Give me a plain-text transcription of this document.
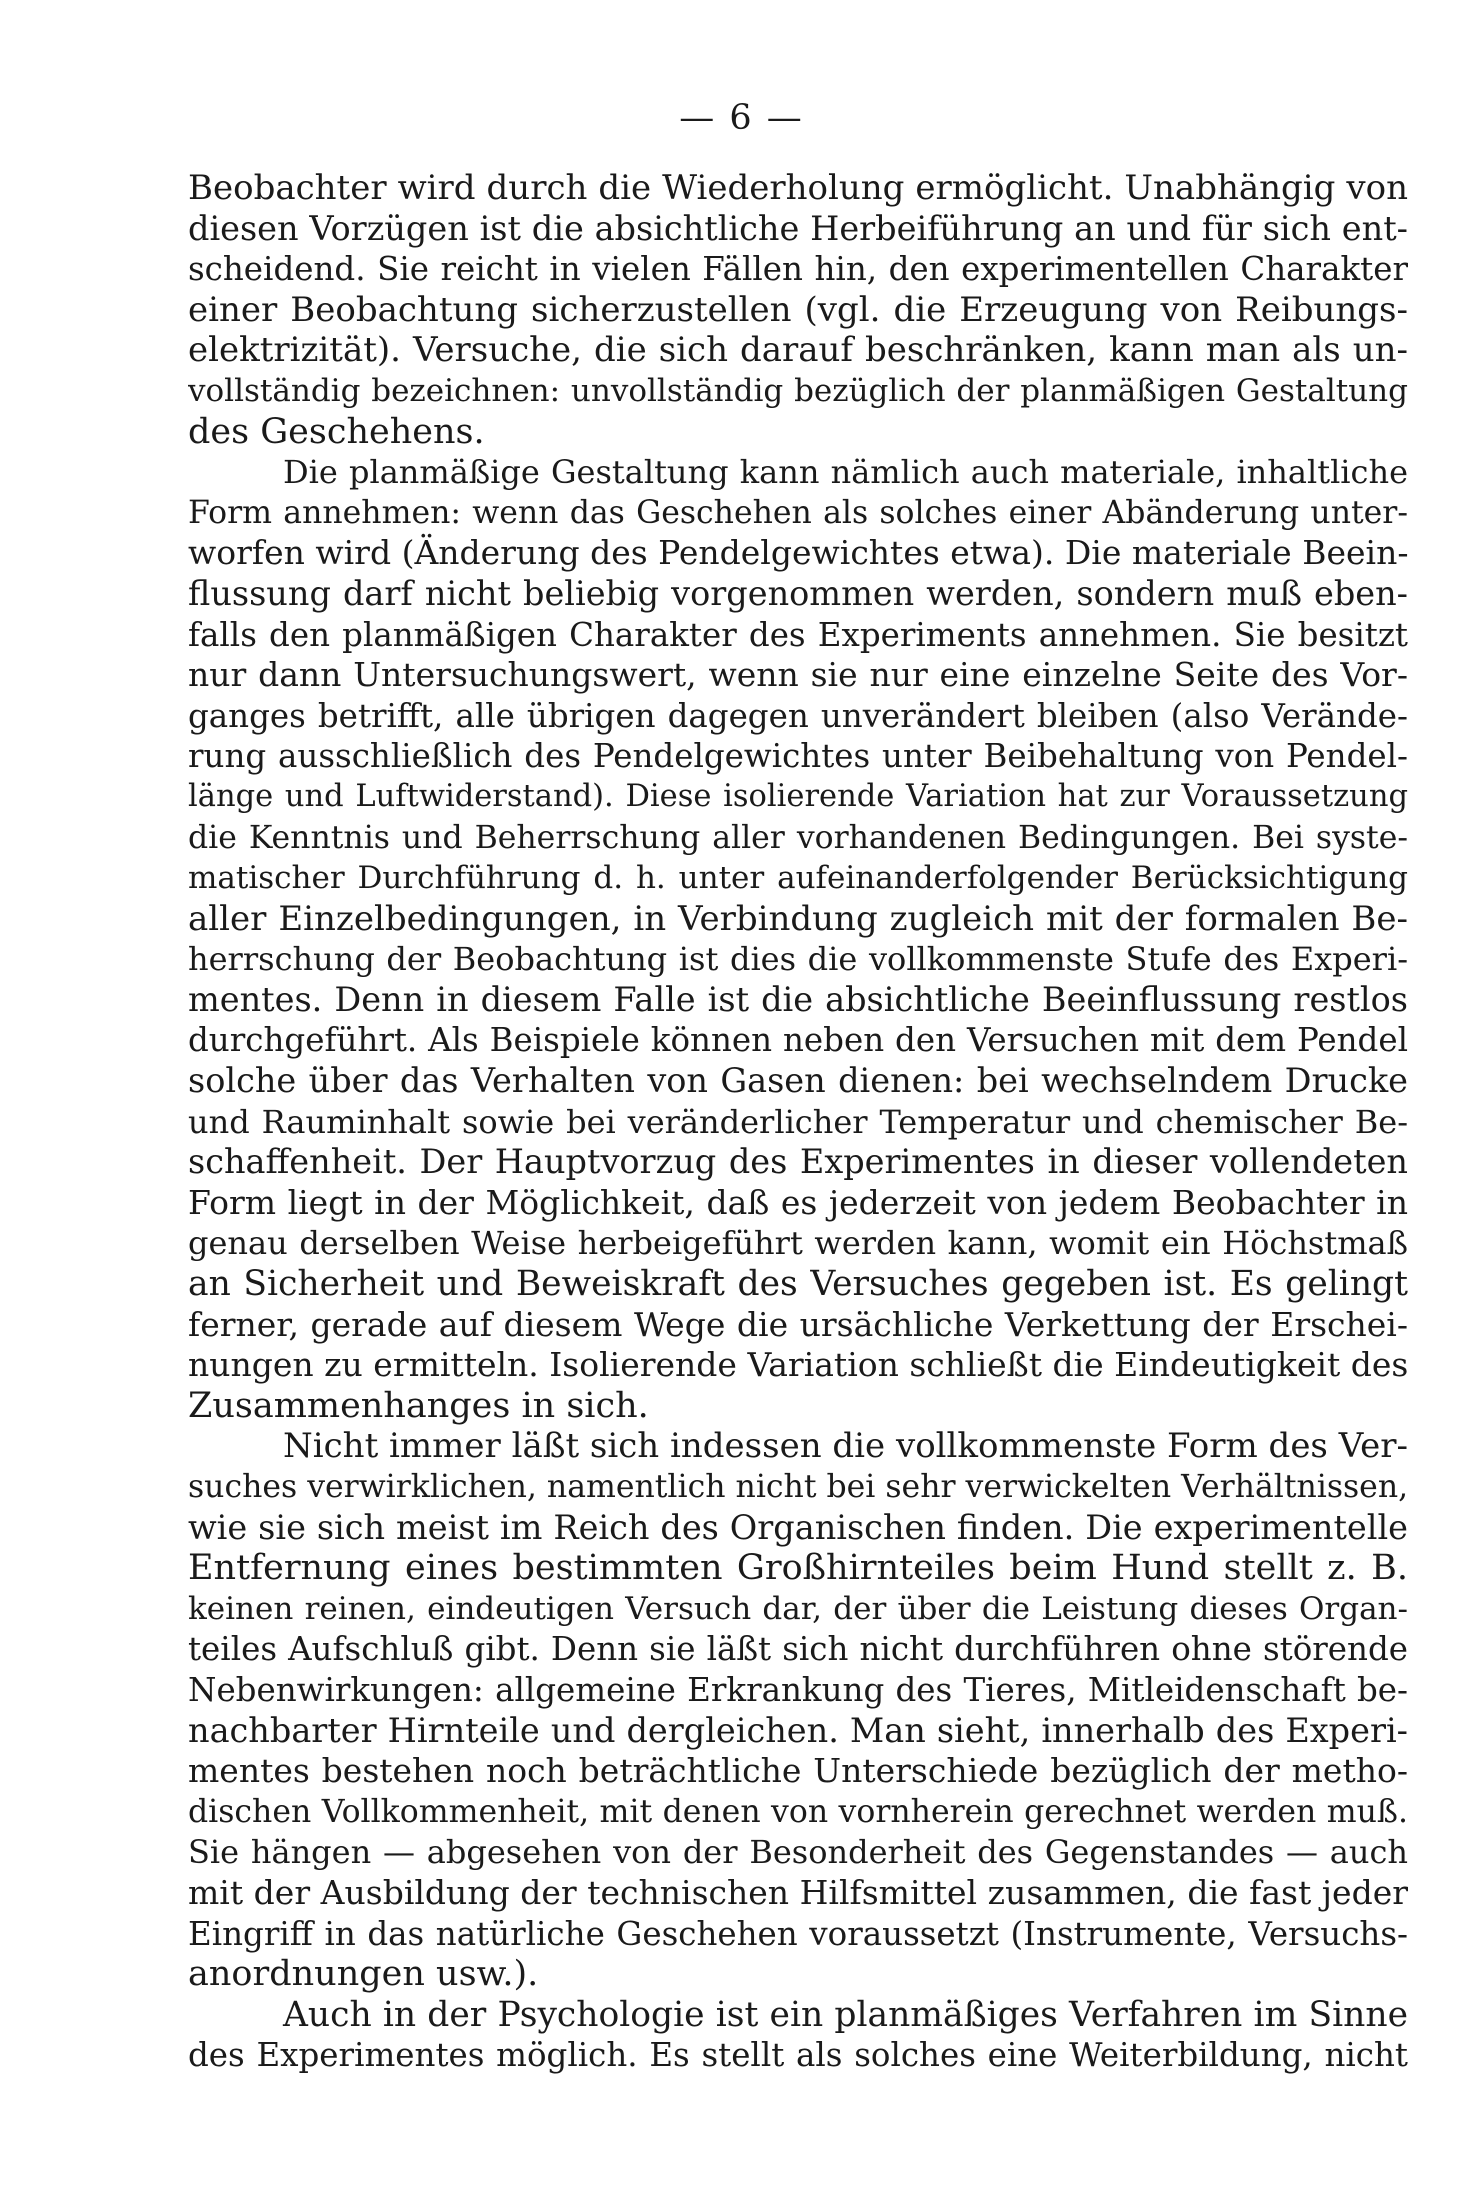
— 6 —
Beobachter wird durch die Wiederholung ermöglicht. Unabhängig von
diesen Vorzügen ist die absichtliche Herbeiführung an und für sich ent-
scheidend. Sie reicht in vielen Fällen hin, den experimentellen Charakter
einer Beobachtung sicherzustellen (vgl. die Erzeugung von Reibungs-
elektrizität). Versuche, die sich darauf beschränken, kann man als un-
vollständig bezeichnen: unvollständig bezüglich der planmäßigen Gestaltung
des Geschehens.
Die planmäßige Gestaltung kann nämlich auch materiale, inhaltliche
Form annehmen: wenn das Geschehen als solches einer Abänderung unter-
worfen wird (Änderung des Pendelgewichtes etwa). Die materiale Beein-
flussung darf nicht beliebig vorgenommen werden, sondern muß eben-
falls den planmäßigen Charakter des Experiments annehmen. Sie besitzt
nur dann Untersuchungswert, wenn sie nur eine einzelne Seite des Vor-
ganges betrifft, alle übrigen dagegen unverändert bleiben (also Verände-
rung ausschließlich des Pendelgewichtes unter Beibehaltung von Pendel-
länge und Luftwiderstand). Diese isolierende Variation hat zur Voraussetzung
die Kenntnis und Beherrschung aller vorhandenen Bedingungen. Bei syste-
matischer Durchführung d. h. unter aufeinanderfolgender Berücksichtigung
aller Einzelbedingungen, in Verbindung zugleich mit der formalen Be-
herrschung der Beobachtung ist dies die vollkommenste Stufe des Experi-
mentes. Denn in diesem Falle ist die absichtliche Beeinflussung restlos
durchgeführt. Als Beispiele können neben den Versuchen mit dem Pendel
solche über das Verhalten von Gasen dienen: bei wechselndem Drucke
und Rauminhalt sowie bei veränderlicher Temperatur und chemischer Be-
schaffenheit. Der Hauptvorzug des Experimentes in dieser vollendeten
Form liegt in der Möglichkeit, daß es jederzeit von jedem Beobachter in
genau derselben Weise herbeigeführt werden kann, womit ein Höchstmaß
an Sicherheit und Beweiskraft des Versuches gegeben ist. Es gelingt
ferner, gerade auf diesem Wege die ursächliche Verkettung der Erschei-
nungen zu ermitteln. Isolierende Variation schließt die Eindeutigkeit des
Zusammenhanges in sich.
Nicht immer läßt sich indessen die vollkommenste Form des Ver-
suches verwirklichen, namentlich nicht bei sehr verwickelten Verhältnissen,
wie sie sich meist im Reich des Organischen finden. Die experimentelle
Entfernung eines bestimmten Großhirnteiles beim Hund stellt z. B.
keinen reinen, eindeutigen Versuch dar, der über die Leistung dieses Organ-
teiles Aufschluß gibt. Denn sie läßt sich nicht durchführen ohne störende
Nebenwirkungen: allgemeine Erkrankung des Tieres, Mitleidenschaft be-
nachbarter Hirnteile und dergleichen. Man sieht, innerhalb des Experi-
mentes bestehen noch beträchtliche Unterschiede bezüglich der metho-
dischen Vollkommenheit, mit denen von vornherein gerechnet werden muß.
Sie hängen — abgesehen von der Besonderheit des Gegenstandes — auch
mit der Ausbildung der technischen Hilfsmittel zusammen, die fast jeder
Eingriff in das natürliche Geschehen voraussetzt (Instrumente, Versuchs-
anordnungen usw.).
Auch in der Psychologie ist ein planmäßiges Verfahren im Sinne
des Experimentes möglich. Es stellt als solches eine Weiterbildung, nicht
